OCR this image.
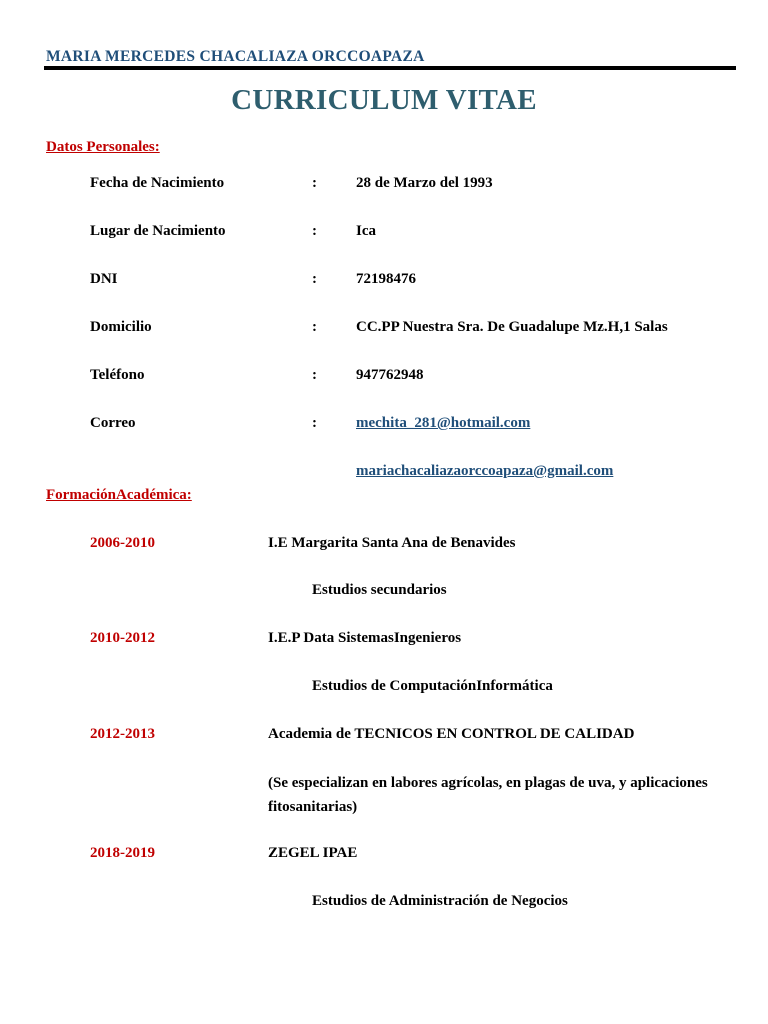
MARIA MERCEDES CHACALIAZA ORCCOAPAZA
CURRICULUM VITAE
Datos Personales:
Fecha de Nacimiento	:	28 de Marzo del 1993
Lugar de Nacimiento	:	Ica
DNI	:	72198476
Domicilio	:	CC.PP Nuestra Sra. De Guadalupe Mz.H,1 Salas
Teléfono	:	947762948
Correo	:	mechita_281@hotmail.com
mariachacaliazaorccoapaza@gmail.com
FormaciónAcadémica:
2006-2010	I.E Margarita Santa Ana de Benavides
Estudios secundarios
2010-2012	I.E.P Data SistemasIngenieros
Estudios de ComputaciónInformática
2012-2013	Academia de TECNICOS EN CONTROL DE CALIDAD
(Se especializan en labores agrícolas, en plagas de uva, y aplicaciones fitosanitarias)
2018-2019	ZEGEL IPAE
Estudios de Administración de Negocios
